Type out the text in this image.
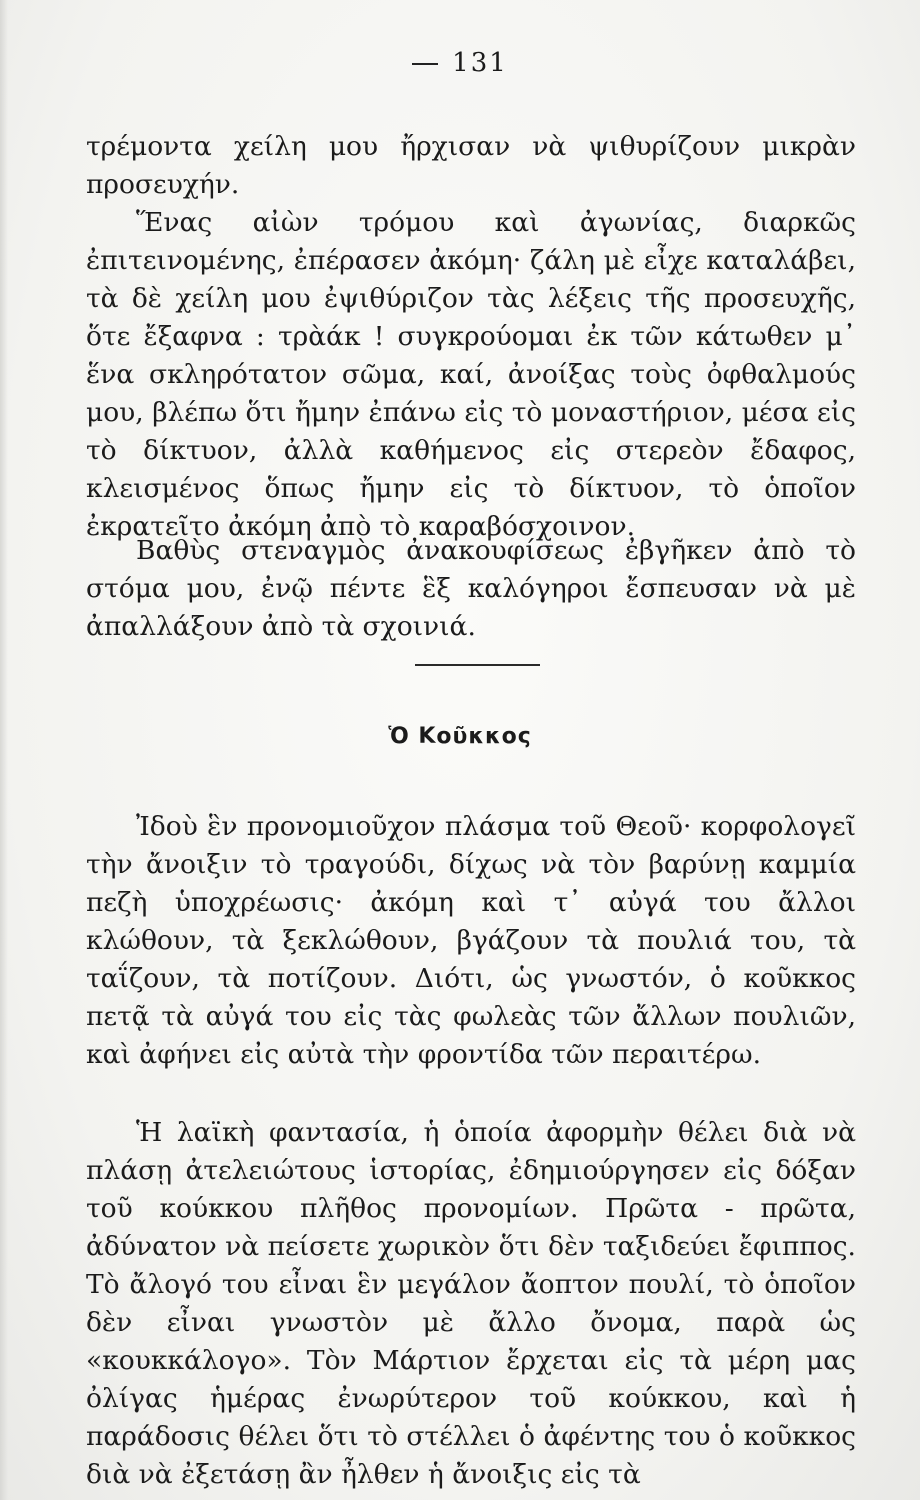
131

τρέμοντα χείλη μου ἤρχισαν νὰ ψιθυρίζουν μικρὰν προσευχήν.

Ἕνας αἰὼν τρόμου καὶ ἀγωνίας, διαρκῶς ἐπιτεινομένης, ἐπέρασεν ἀκόμη· ζάλη μὲ εἶχε καταλάβει, τὰ δὲ χείλη μου ἐψιθύριζον τὰς λέξεις τῆς προσευχῆς, ὅτε ἔξαφνα : τρὰάκ ! συγκρούομαι ἐκ τῶν κάτωθεν μ᾽ ἕνα σκληρότατον σῶμα, καί, ἀνοίξας τοὺς ὀφθαλμούς μου, βλέπω ὅτι ἤμην ἐπάνω εἰς τὸ μοναστήριον, μέσα εἰς τὸ δίκτυον, ἀλλὰ καθήμενος εἰς στερεὸν ἔδαφος, κλεισμένος ὅπως ἤμην εἰς τὸ δίκτυον, τὸ ὁποῖον ἐκρατεῖτο ἀκόμη ἀπὸ τὸ καραβόσχοινον.

Βαθὺς στεναγμὸς ἀνακουφίσεως ἐβγῆκεν ἀπὸ τὸ στόμα μου, ἐνῷ πέντε ἓξ καλόγηροι ἔσπευσαν νὰ μὲ ἀπαλλάξουν ἀπὸ τὰ σχοινιά.

Ὁ Κοῦκκος

Ἰδοὺ ἓν προνομιοῦχον πλάσμα τοῦ Θεοῦ· κορφολογεῖ τὴν ἄνοιξιν τὸ τραγούδι, δίχως νὰ τὸν βαρύνῃ καμμία πεζὴ ὑποχρέωσις· ἀκόμη καὶ τ᾽ αὐγά του ἄλλοι κλώθουν, τὰ ξεκλώθουν, βγάζουν τὰ πουλιά του, τὰ ταΐζουν, τὰ ποτίζουν. Διότι, ὡς γνωστόν, ὁ κοῦκκος πετᾷ τὰ αὐγά του εἰς τὰς φωλεὰς τῶν ἄλλων πουλιῶν, καὶ ἀφήνει εἰς αὐτὰ τὴν φροντίδα τῶν περαιτέρω.

Ἡ λαϊκὴ φαντασία, ἡ ὁποία ἀφορμὴν θέλει διὰ νὰ πλάσῃ ἀτελειώτους ἱστορίας, ἐδημιούργησεν εἰς δόξαν τοῦ κούκκου πλῆθος προνομίων. Πρῶτα - πρῶτα, ἀδύνατον νὰ πείσετε χωρικὸν ὅτι δὲν ταξιδεύει ἔφιππος. Τὸ ἄλογό του εἶναι ἓν μεγάλον ἄοπτον πουλί, τὸ ὁποῖον δὲν εἶναι γνωστὸν μὲ ἄλλο ὄνομα, παρὰ ὡς «κουκκάλογο». Τὸν Μάρτιον ἔρχεται εἰς τὰ μέρη μας ὀλίγας ἡμέρας ἐνωρύτερον τοῦ κούκκου, καὶ ἡ παράδοσις θέλει ὅτι τὸ στέλλει ὁ ἀφέντης του ὁ κοῦκκος διὰ νὰ ἐξετάσῃ ἂν ἦλθεν ἡ ἄνοιξις εἰς τὰ
